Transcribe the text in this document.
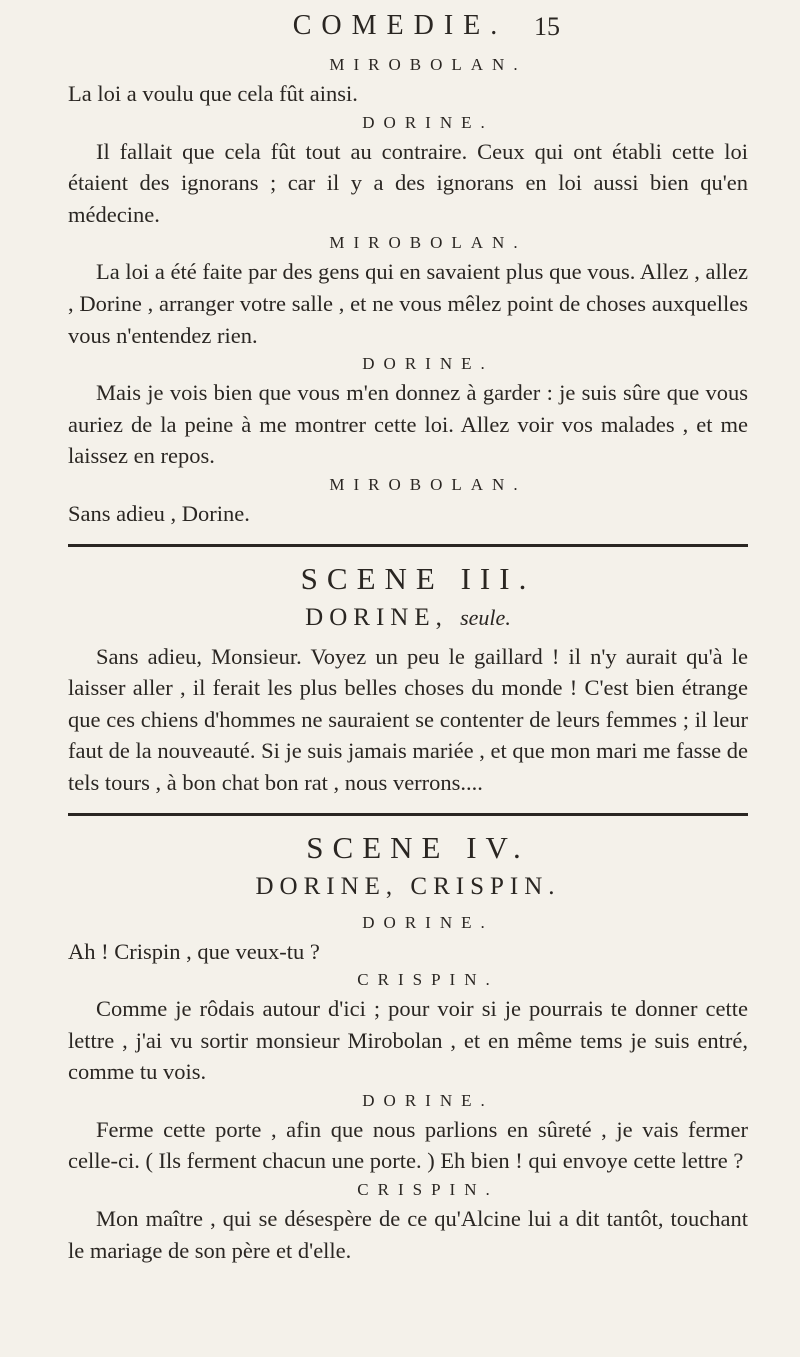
COMEDIE.	15
MIROBOLAN.

La loi a voulu que cela fût ainsi.

DORINE.

Il fallait que cela fût tout au contraire. Ceux qui ont établi cette loi étaient des ignorans ; car il y a des ignorans en loi aussi bien qu'en médecine.

MIROBOLAN.

La loi a été faite par des gens qui en savaient plus que vous. Allez , allez , Dorine , arranger votre salle , et ne vous mêlez point de choses auxquelles vous n'entendez rien.

DORINE.

Mais je vois bien que vous m'en donnez à garder : je suis sûre que vous auriez de la peine à me montrer cette loi. Allez voir vos malades , et me laissez en repos.

MIROBOLAN.

Sans adieu , Dorine.

SCENE III.
DORINE, seule.

Sans adieu, Monsieur. Voyez un peu le gaillard ! il n'y aurait qu'à le laisser aller , il ferait les plus belles choses du monde ! C'est bien étrange que ces chiens d'hommes ne sauraient se contenter de leurs femmes ; il leur faut de la nouveauté. Si je suis jamais mariée , et que mon mari me fasse de tels tours , à bon chat bon rat , nous verrons....

SCENE IV.
DORINE, CRISPIN.
DORINE.

Ah ! Crispin , que veux-tu ?

CRISPIN.

Comme je rôdais autour d'ici ; pour voir si je pourrais te donner cette lettre , j'ai vu sortir monsieur Mirobolan , et en même tems je suis entré, comme tu vois.

DORINE.

Ferme cette porte , afin que nous parlions en sûreté , je vais fermer celle-ci. ( Ils ferment chacun une porte. ) Eh bien ! qui envoye cette lettre ?

CRISPIN.

Mon maître , qui se désespère de ce qu'Alcine lui a dit tantôt, touchant le mariage de son père et d'elle.
